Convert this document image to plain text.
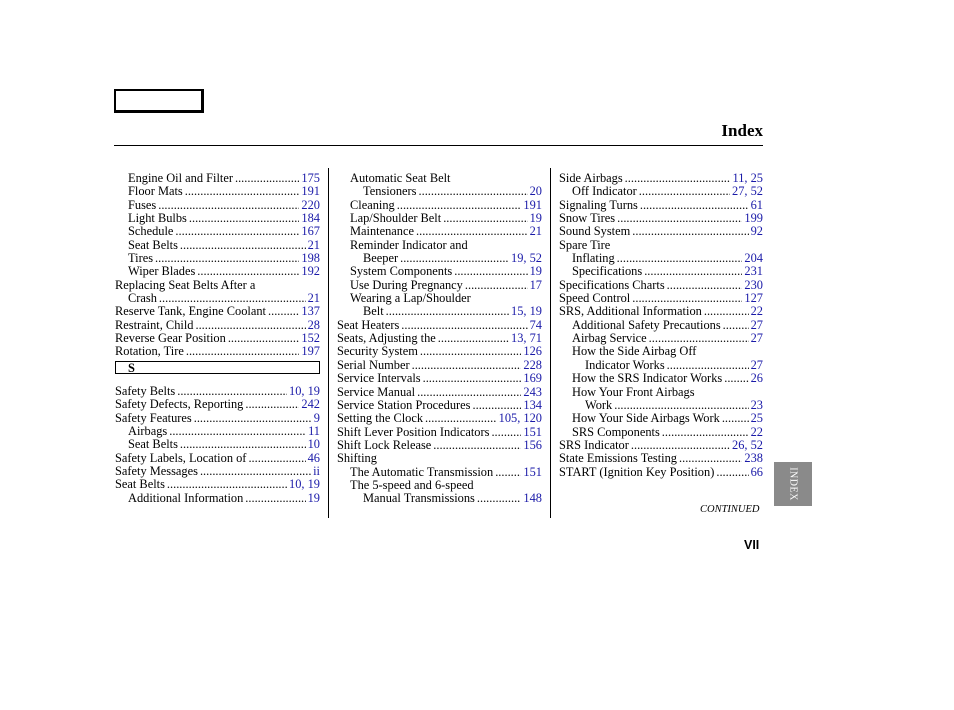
Index
Engine Oil and Filter .....	175
Floor Mats .....	191
Fuses .....	220
Light Bulbs .....	184
Schedule .....	167
Seat Belts .....	21
Tires .....	198
Wiper Blades .....	192
Replacing Seat Belts After a
Crash .....	21
Reserve Tank, Engine Coolant .....	137
Restraint, Child .....	28
Reverse Gear Position .....	152
Rotation, Tire .....	197
S
Safety Belts .....	10, 19
Safety Defects, Reporting .....	242
Safety Features .....	9
Airbags .....	11
Seat Belts .....	10
Safety Labels, Location of .....	46
Safety Messages .....	ii
Seat Belts .....	10, 19
Additional Information .....	19
Automatic Seat Belt
Tensioners .....	20
Cleaning .....	191
Lap/Shoulder Belt .....	19
Maintenance .....	21
Reminder Indicator and
Beeper .....	19, 52
System Components .....	19
Use During Pregnancy .....	17
Wearing a Lap/Shoulder
Belt .....	15, 19
Seat Heaters .....	74
Seats, Adjusting the .....	13, 71
Security System .....	126
Serial Number .....	228
Service Intervals .....	169
Service Manual .....	243
Service Station Procedures .....	134
Setting the Clock .....	105, 120
Shift Lever Position Indicators .....	151
Shift Lock Release .....	156
Shifting
The Automatic Transmission ..... 151
The 5-speed and 6-speed
Manual Transmissions .....	148
Side Airbags .....	11, 25
Off Indicator .....	27, 52
Signaling Turns .....	61
Snow Tires .....	199
Sound System .....	92
Spare Tire
Inflating .....	204
Specifications .....	231
Specifications Charts .....	230
Speed Control .....	127
SRS, Additional Information .....	22
Additional Safety Precautions ..... 27
Airbag Service .....	27
How the Side Airbag Off
Indicator Works .....	27
How the SRS Indicator Works ..... 26
How Your Front Airbags
Work .....	23
How Your Side Airbags Work ..... 25
SRS Components .....	22
SRS Indicator .....	26, 52
State Emissions Testing .....	238
START (Ignition Key Position) .....	66
CONTINUED
VII
INDEX
